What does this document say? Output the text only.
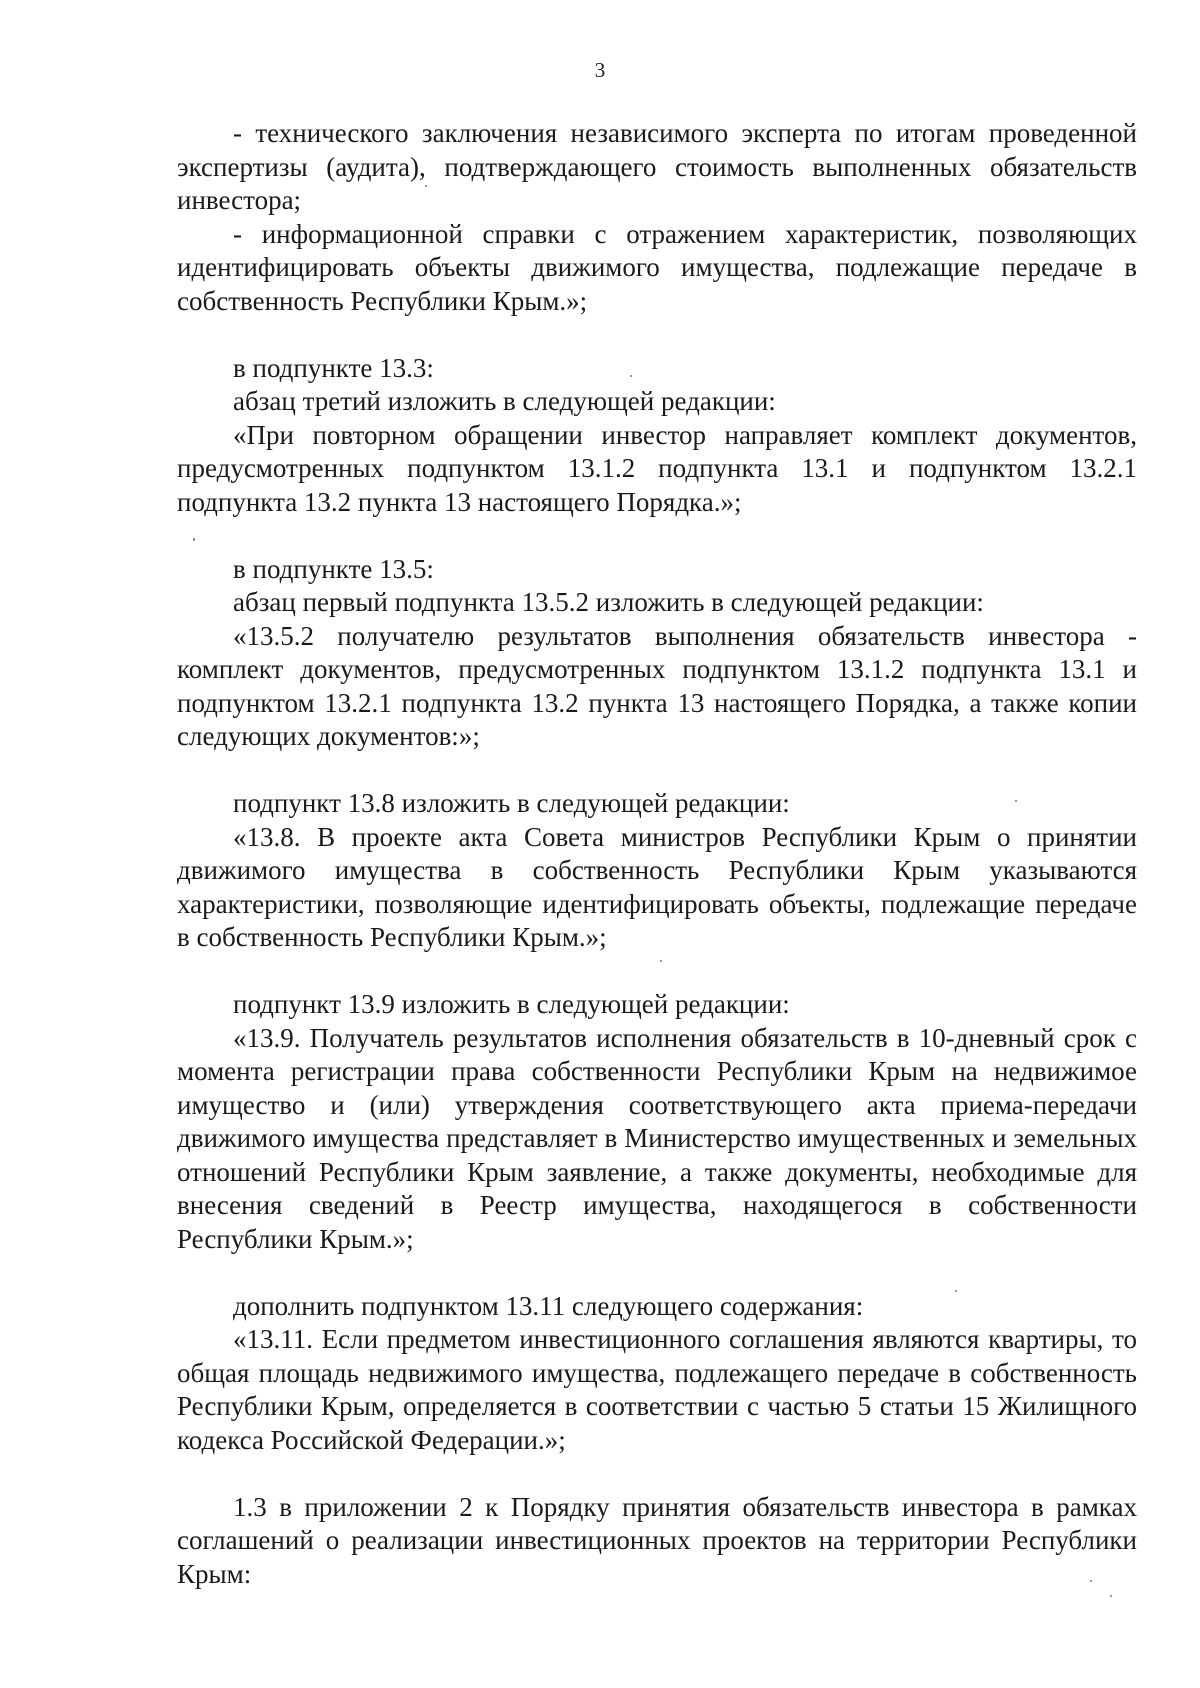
3

- технического заключения независимого эксперта по итогам проведенной экспертизы (аудита), подтверждающего стоимость выполненных обязательств инвестора;

- информационной справки с отражением характеристик, позволяющих идентифицировать объекты движимого имущества, подлежащие передаче в собственность Республики Крым.»;

в подпункте 13.3:

абзац третий изложить в следующей редакции:

«При повторном обращении инвестор направляет комплект документов, предусмотренных подпунктом 13.1.2 подпункта 13.1 и подпунктом 13.2.1 подпункта 13.2 пункта 13 настоящего Порядка.»;

в подпункте 13.5:

абзац первый подпункта 13.5.2 изложить в следующей редакции:

«13.5.2 получателю результатов выполнения обязательств инвестора - комплект документов, предусмотренных подпунктом 13.1.2 подпункта 13.1 и подпунктом 13.2.1 подпункта 13.2 пункта 13 настоящего Порядка, а также копии следующих документов:»;

подпункт 13.8 изложить в следующей редакции:

«13.8. В проекте акта Совета министров Республики Крым о принятии движимого имущества в собственность Республики Крым указываются характеристики, позволяющие идентифицировать объекты, подлежащие передаче в собственность Республики Крым.»;

подпункт 13.9 изложить в следующей редакции:

«13.9. Получатель результатов исполнения обязательств в 10-дневный срок с момента регистрации права собственности Республики Крым на недвижимое имущество и (или) утверждения соответствующего акта приема-передачи движимого имущества представляет в Министерство имущественных и земельных отношений Республики Крым заявление, а также документы, необходимые для внесения сведений в Реестр имущества, находящегося в собственности Республики Крым.»;

дополнить подпунктом 13.11 следующего содержания:

«13.11. Если предметом инвестиционного соглашения являются квартиры, то общая площадь недвижимого имущества, подлежащего передаче в собственность Республики Крым, определяется в соответствии с частью 5 статьи 15 Жилищного кодекса Российской Федерации.»;

1.3 в приложении 2 к Порядку принятия обязательств инвестора в рамках соглашений о реализации инвестиционных проектов на территории Республики Крым:
